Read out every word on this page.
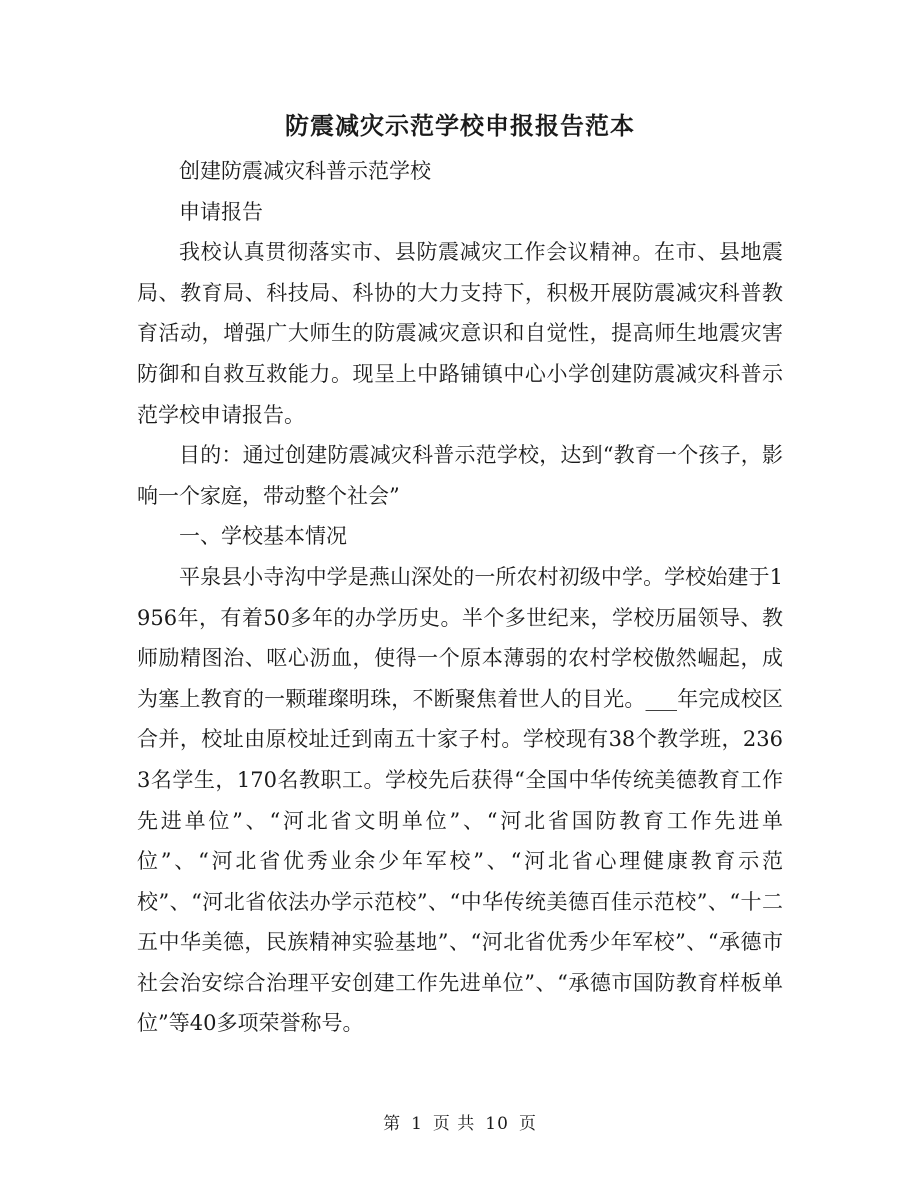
防震减灾示范学校申报报告范本

创建防震减灾科普示范学校

申请报告

我校认真贯彻落实市、县防震减灾工作会议精神。在市、县地震局、教育局、科技局、科协的大力支持下，积极开展防震减灾科普教育活动，增强广大师生的防震减灾意识和自觉性，提高师生地震灾害防御和自救互救能力。现呈上中路铺镇中心小学创建防震减灾科普示范学校申请报告。

目的：通过创建防震减灾科普示范学校，达到“教育一个孩子，影响一个家庭，带动整个社会”

一、学校基本情况

平泉县小寺沟中学是燕山深处的一所农村初级中学。学校始建于1956年，有着50多年的办学历史。半个多世纪来，学校历届领导、教师励精图治、呕心沥血，使得一个原本薄弱的农村学校傲然崛起，成为塞上教育的一颗璀璨明珠，不断聚焦着世人的目光。___年完成校区合并，校址由原校址迁到南五十家子村。学校现有38个教学班，2363名学生，170名教职工。学校先后获得“全国中华传统美德教育工作先进单位”、“河北省文明单位”、“河北省国防教育工作先进单位”、“河北省优秀业余少年军校”、“河北省心理健康教育示范校”、“河北省依法办学示范校”、“中华传统美德百佳示范校”、“十二五中华美德，民族精神实验基地”、“河北省优秀少年军校”、“承德市社会治安综合治理平安创建工作先进单位”、“承德市国防教育样板单位”等40多项荣誉称号。

第 1 页 共 10 页
